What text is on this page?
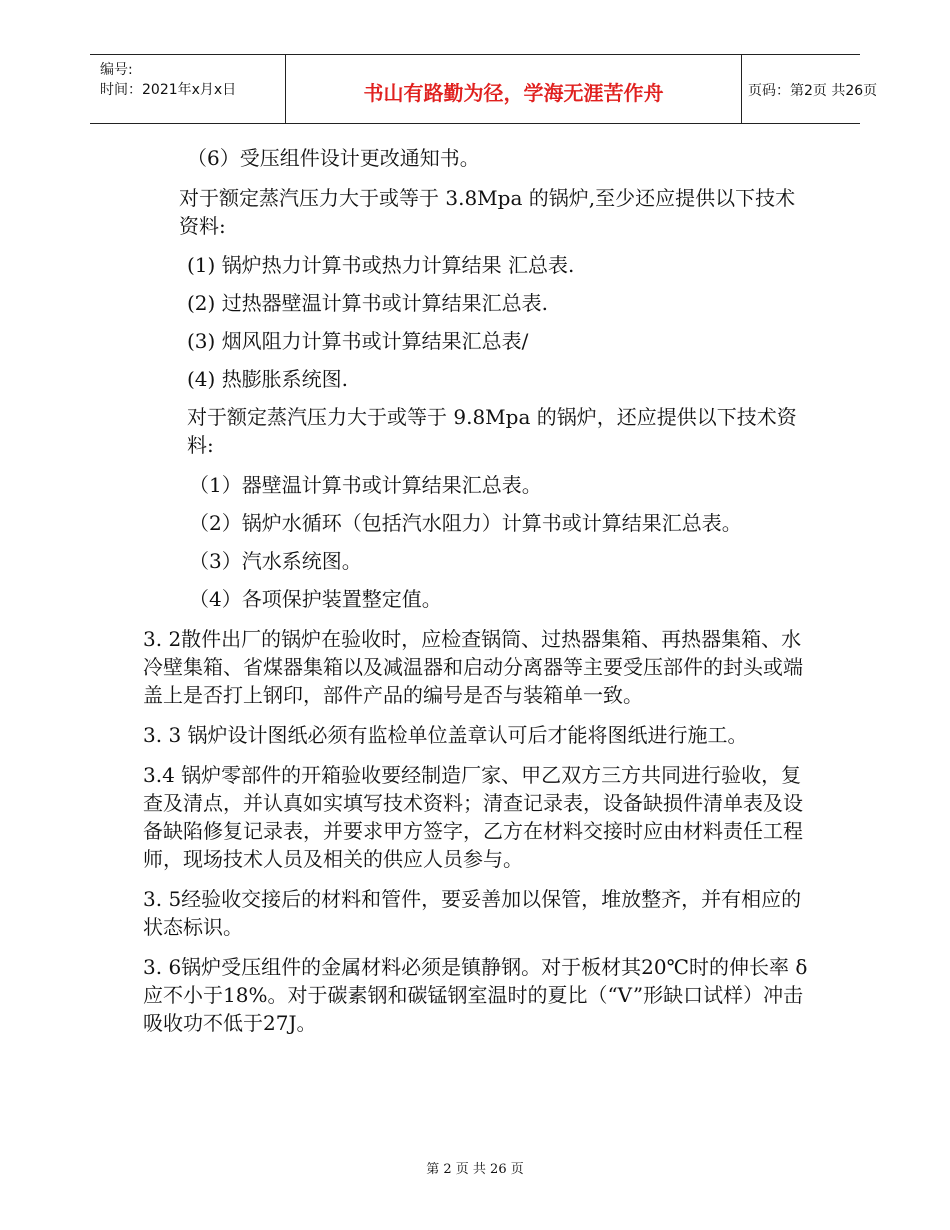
编号:
时间：2021年x月x日	书山有路勤为径，学海无涯苦作舟	页码：第2页 共26页

（6）受压组件设计更改通知书。

对于额定蒸汽压力大于或等于 3.8Mpa 的锅炉,至少还应提供以下技术资料:

(1) 锅炉热力计算书或热力计算结果 汇总表.

(2) 过热器壁温计算书或计算结果汇总表.

(3) 烟风阻力计算书或计算结果汇总表/

(4) 热膨胀系统图.

对于额定蒸汽压力大于或等于 9.8Mpa 的锅炉，还应提供以下技术资料:

（1）器壁温计算书或计算结果汇总表。

（2）锅炉水循环（包括汽水阻力）计算书或计算结果汇总表。

（3）汽水系统图。

（4）各项保护装置整定值。

3. 2散件出厂的锅炉在验收时，应检查锅筒、过热器集箱、再热器集箱、水冷壁集箱、省煤器集箱以及减温器和启动分离器等主要受压部件的封头或端盖上是否打上钢印，部件产品的编号是否与装箱单一致。

3. 3 锅炉设计图纸必须有监检单位盖章认可后才能将图纸进行施工。

3.4 锅炉零部件的开箱验收要经制造厂家、甲乙双方三方共同进行验收，复查及清点，并认真如实填写技术资料；清查记录表，设备缺损件清单表及设备缺陷修复记录表，并要求甲方签字，乙方在材料交接时应由材料责任工程师，现场技术人员及相关的供应人员参与。

3. 5经验收交接后的材料和管件，要妥善加以保管，堆放整齐，并有相应的状态标识。

3. 6锅炉受压组件的金属材料必须是镇静钢。对于板材其20℃时的伸长率 δ 应不小于18%。对于碳素钢和碳锰钢室温时的夏比（“V”形缺口试样）冲击吸收功不低于27J。

第 2 页 共 26 页
